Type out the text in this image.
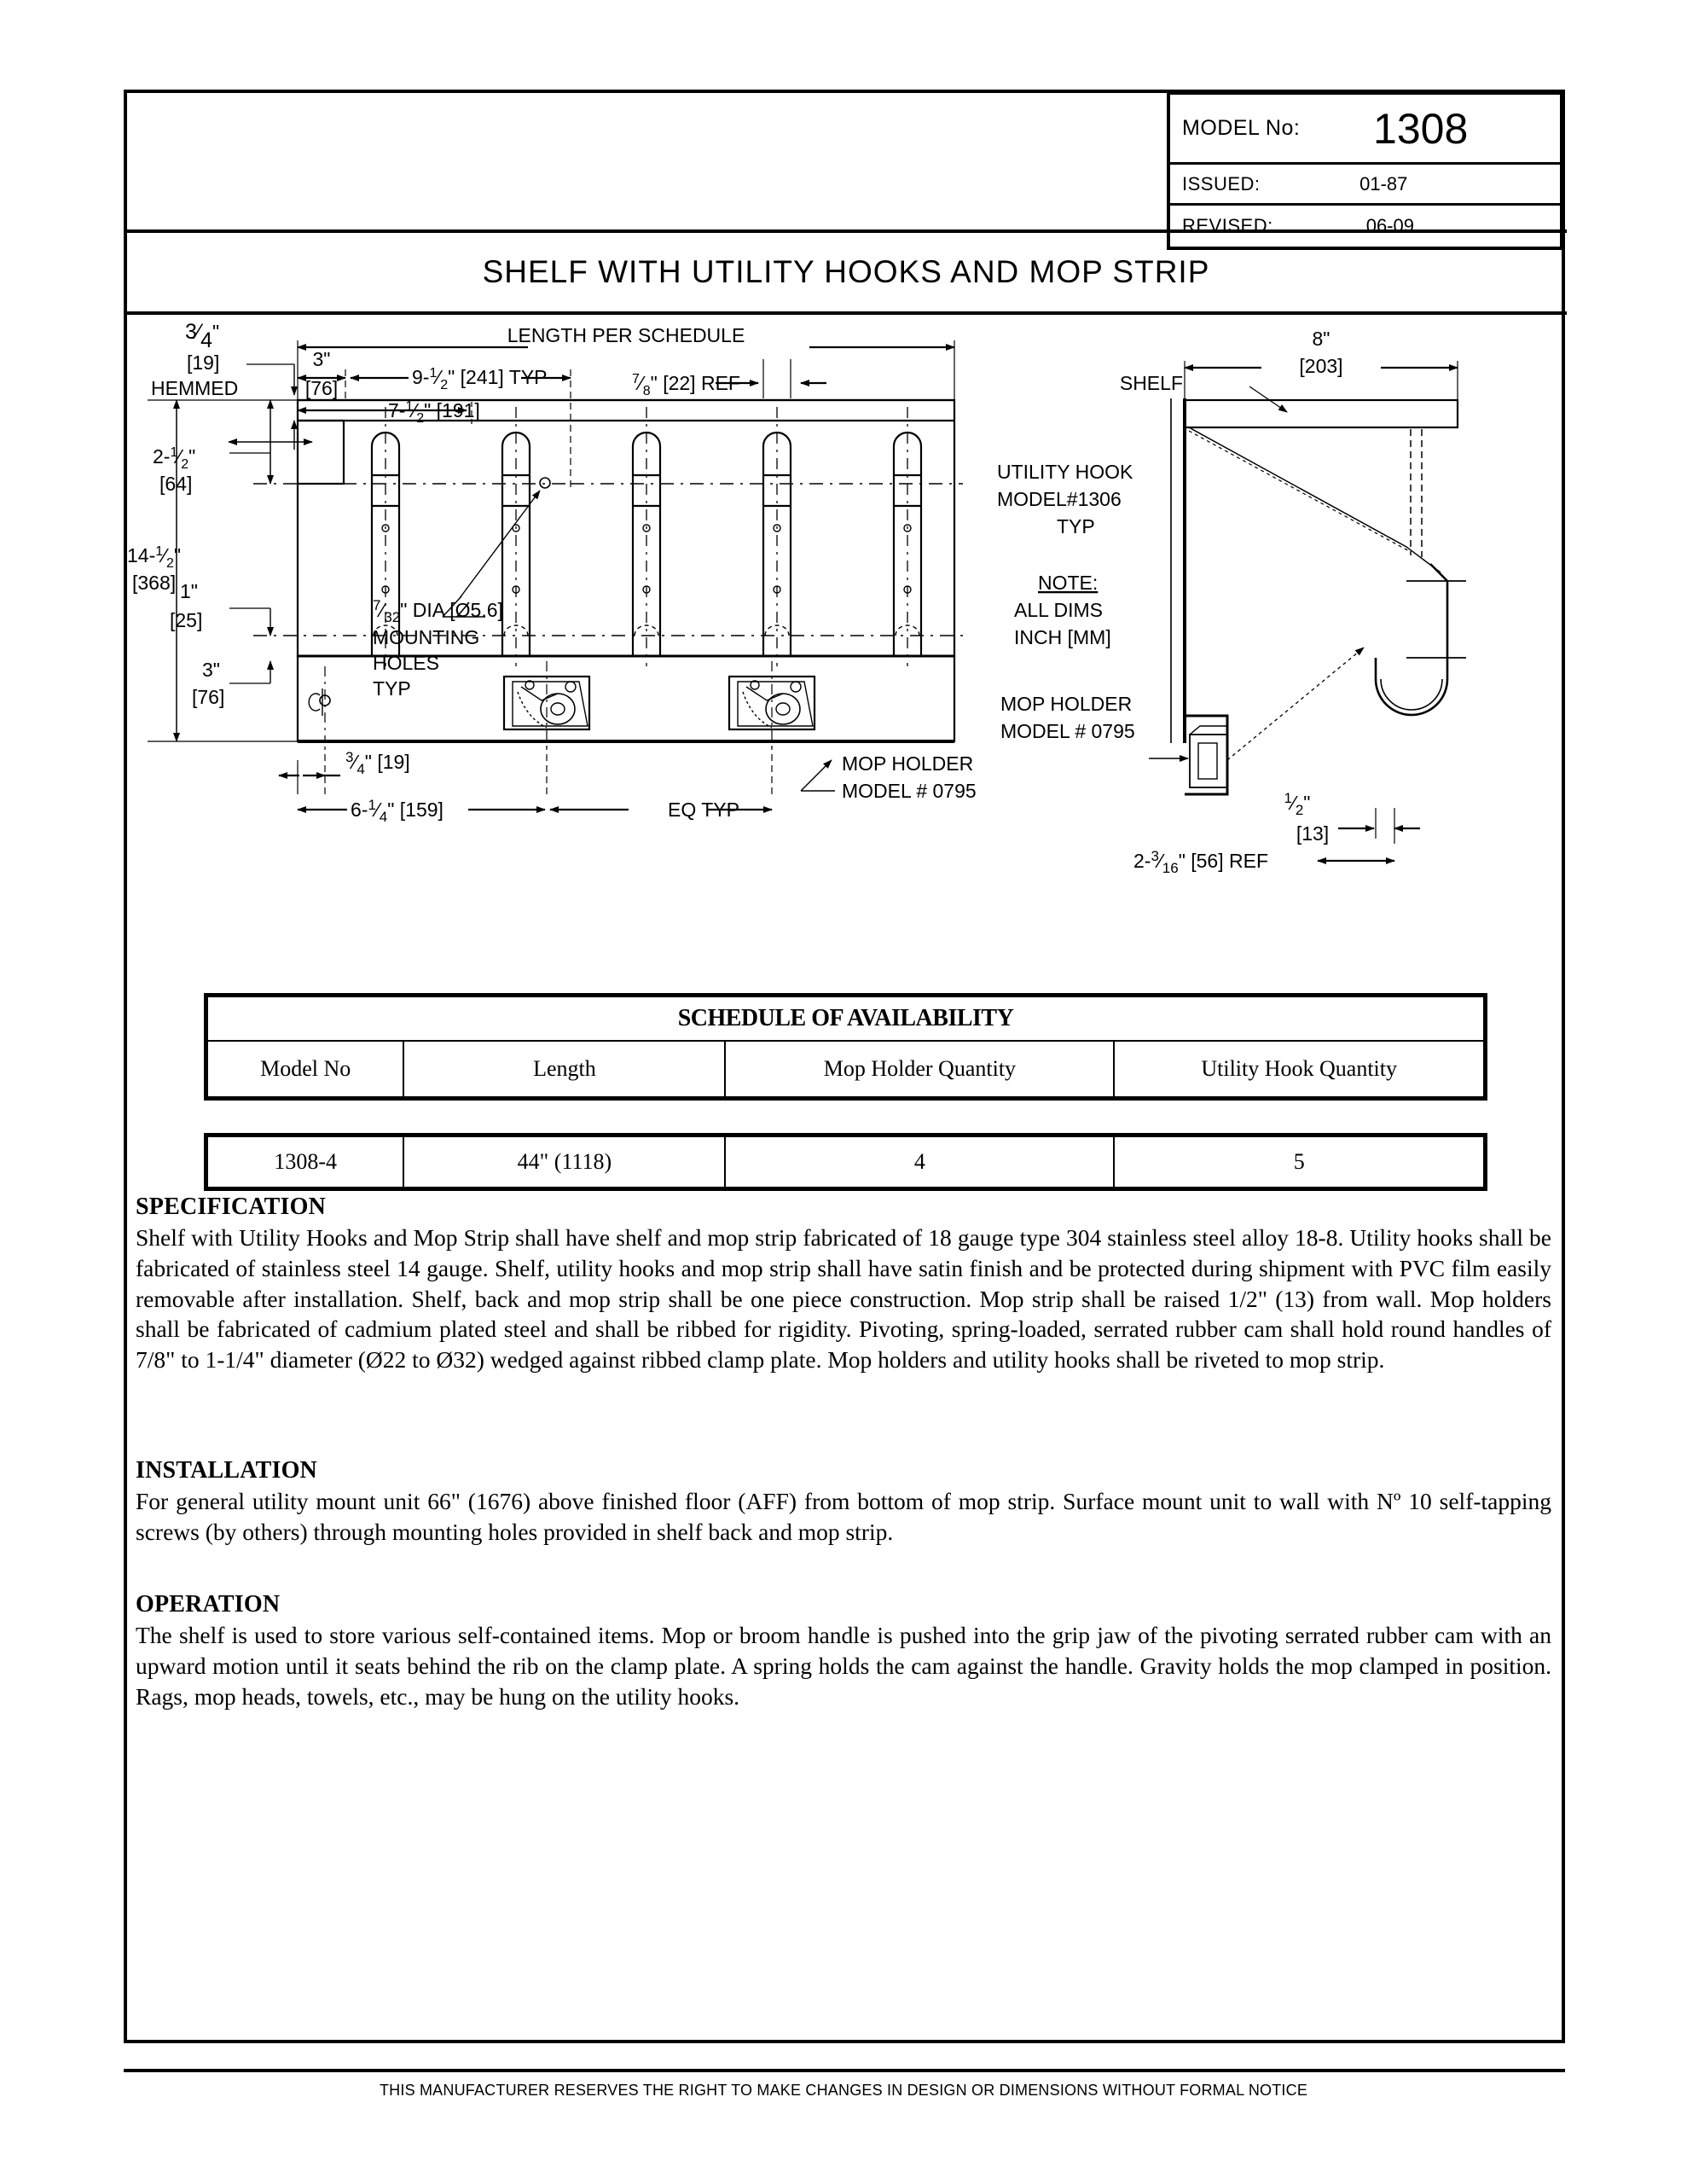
MODEL No:	1308
ISSUED:	01-87
REVISED:	06-09
SHELF WITH UTILITY HOOKS AND MOP STRIP
LENGTH PER SCHEDULE
3"
[76]	$9-^1⁄_2$" [241] TYP
$7-^1⁄_2$" [191]
$^7⁄_8$" [22] REF
3⁄4"
[19]
HEMMED
$2-^1⁄_2$"
[64]
$14-^1⁄_2$"
[368] 1"
[25]
3"
[76]
$^7⁄_{32}$" DIA [Ø5.6]
MOUNTING
HOLES
TYP
8"
[203]
SHELF
UTILITY HOOK
MODEL#1306
TYP
NOTE:
ALL DIMS
INCH [MM]
MOP HOLDER
MODEL # 0795
$^3⁄_4$" [19]
$6-^1⁄_4$" [159]	EQ TYP
MOP HOLDER
MODEL # 0795	$^1⁄_2$"
[13]
$2-^3⁄_{16}$" [56] REF
SCHEDULE OF AVAILABILITY
Model No	Length	Mop Holder Quantity	Utility Hook Quantity
1308-4	44" (1118)	4	5

SPECIFICATION

Shelf with Utility Hooks and Mop Strip shall have shelf and mop strip fabricated of 18 gauge type 304 stainless steel alloy 18-8. Utility hooks shall be fabricated of stainless steel 14 gauge. Shelf, utility hooks and mop strip shall have satin finish and be protected during shipment with PVC film easily removable after installation. Shelf, back and mop strip shall be one piece construction. Mop strip shall be raised 1/2" (13) from wall. Mop holders shall be fabricated of cadmium plated steel and shall be ribbed for rigidity. Pivoting, spring-loaded, serrated rubber cam shall hold round handles of 7/8" to 1-1/4" diameter (Ø22 to Ø32) wedged against ribbed clamp plate. Mop holders and utility hooks shall be riveted to mop strip.

INSTALLATION

For general utility mount unit 66" (1676) above finished floor (AFF) from bottom of mop strip. Surface mount unit to wall with Nº 10 self-tapping screws (by others) through mounting holes provided in shelf back and mop strip.

OPERATION

The shelf is used to store various self-contained items. Mop or broom handle is pushed into the grip jaw of the pivoting serrated rubber cam with an upward motion until it seats behind the rib on the clamp plate. A spring holds the cam against the handle. Gravity holds the mop clamped in position. Rags, mop heads, towels, etc., may be hung on the utility hooks.

THIS MANUFACTURER RESERVES THE RIGHT TO MAKE CHANGES IN DESIGN OR DIMENSIONS WITHOUT FORMAL NOTICE
